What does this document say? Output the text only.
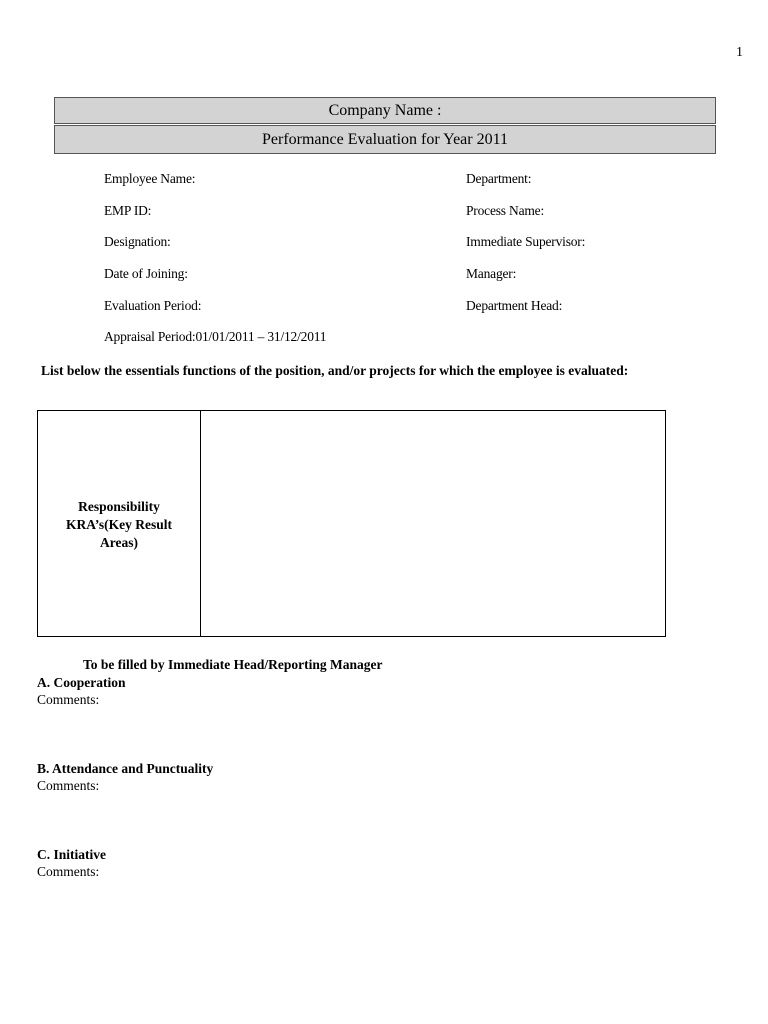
1
Company Name :
Performance Evaluation for Year 2011
Employee Name:
EMP ID:
Designation:
Date of Joining:
Evaluation Period:
Appraisal Period:01/01/2011 – 31/12/2011
Department:
Process Name:
Immediate Supervisor:
Manager:
Department Head:
List below the essentials functions of the position, and/or projects for which the employee is evaluated:
Responsibility
KRA’s(Key Result
Areas)
To be filled by Immediate Head/Reporting Manager
A. Cooperation
Comments:
B. Attendance and Punctuality
Comments:
C. Initiative
Comments:
